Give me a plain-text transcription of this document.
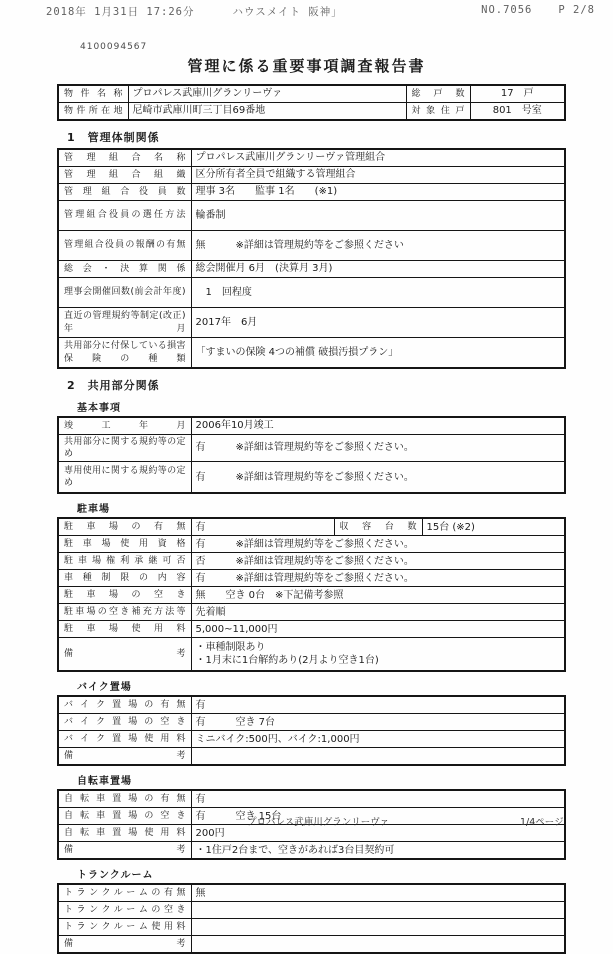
2018年 1月31日 17:26分	ハウスメイト 阪神」	NO.7056 P 2/8
4100094567
管理に係る重要事項調査報告書
物件名称	プロパレス武庫川グランリーヴァ	総戸数	17　戸
物件所在地	尼崎市武庫川町三丁目69番地	対象住戸	801　号室
1　管理体制関係
管理組合名称	プロパレス武庫川グランリーヴァ管理組合
管理組合組織	区分所有者全員で組織する管理組合
管理組合役員数	理事 3名　　監事 1名　　(※1)
管理組合役員の選任方法	輪番制
管理組合役員の報酬の有無	無　　　※詳細は管理規約等をご参照ください
総会・決算関係	総会開催月 6月　(決算月 3月)
理事会開催回数(前会計年度)	1　回程度
直近の管理規約等制定(改正)年月	2017年　6月
共用部分に付保している損害保険の種類	「すまいの保険 4つの補償 破損汚損プラン」
2　共用部分関係
基本事項
竣工年月	2006年10月竣工
共用部分に関する規約等の定め	有　　　※詳細は管理規約等をご参照ください。
専用使用に関する規約等の定め	有　　　※詳細は管理規約等をご参照ください。
駐車場
駐車場の有無	有	収容台数	15台 (※2)
駐車場使用資格	有　　　※詳細は管理規約等をご参照ください。		
駐車場権利承継可否	否　　　※詳細は管理規約等をご参照ください。		
車種制限の内容	有　　　※詳細は管理規約等をご参照ください。		
駐車場の空き	無　　空き 0台　※下記備考参照		
駐車場の空き補充方法等	先着順		
駐車場使用料	5,000~11,000円		
備考	・車種制限あり
・1月末に1台解約あり(2月より空き1台)		
バイク置場
バイク置場の有無	有
バイク置場の空き	有　　　空き 7台
バイク置場使用料	ミニバイク:500円、バイク:1,000円
備考	
自転車置場
自転車置場の有無	有
自転車置場の空き	有　　　空き 15台
自転車置場使用料	200円
備考	・1住戸2台まで、空きがあれば3台目契約可
トランクルーム
トランクルームの有無	無
トランクルームの空き	
トランクルーム使用料	
備考	
プロパレス武庫川グランリーヴァ	1/4ページ
